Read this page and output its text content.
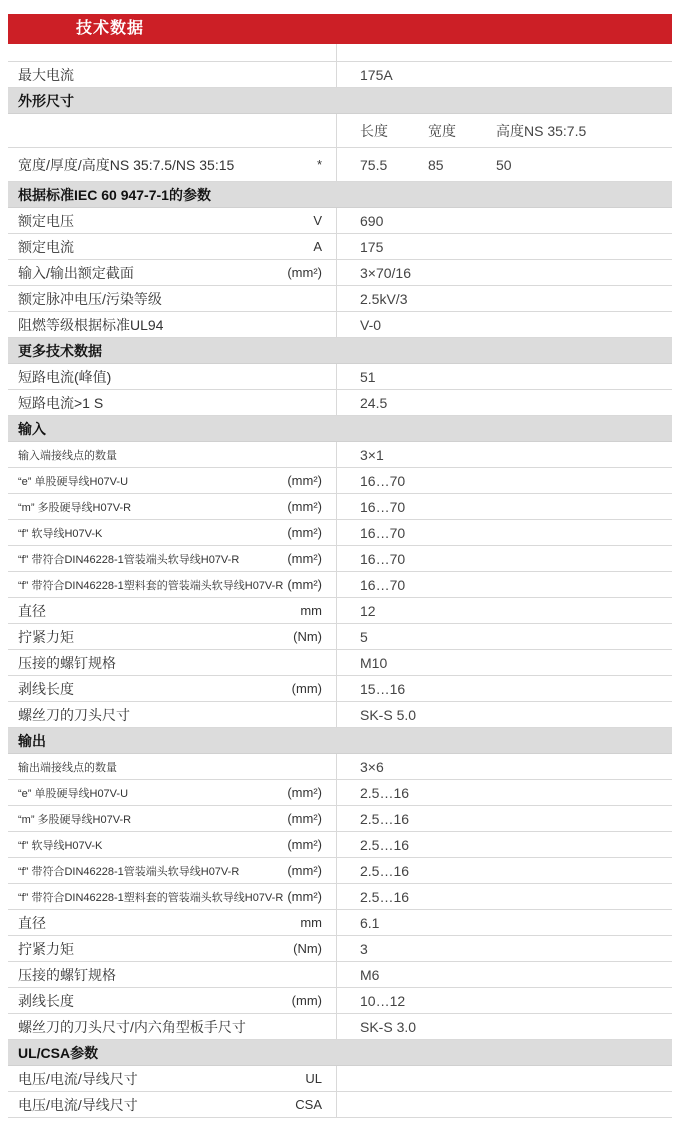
技术数据
最大电流	175A
外形尺寸
长度	宽度	高度NS 35:7.5
宽度/厚度/高度NS 35:7.5/NS 35:15	*	75.5	85	50
根据标准IEC 60 947-7-1的参数
额定电压	V	690
额定电流	A	175
输入/输出额定截面	(mm²)	3×70/16
额定脉冲电压/污染等级	2.5kV/3
阻燃等级根据标准UL94	V-0
更多技术数据
短路电流(峰值)	51
短路电流>1 S	24.5
输入
输入端接线点的数量	3×1
“e” 单股硬导线H07V-U	(mm²)	16…70
“m” 多股硬导线H07V-R	(mm²)	16…70
“f” 软导线H07V-K	(mm²)	16…70
“f” 带符合DIN46228-1管装端头软导线H07V-R	(mm²)	16…70
“f” 带符合DIN46228-1塑料套的管装端头软导线H07V-R (mm²)	16…70
直径	mm	12
拧紧力矩	(Nm)	5
压接的螺钉规格	M10
剥线长度	(mm)	15…16
螺丝刀的刀头尺寸	SK-S 5.0
输出
输出端接线点的数量	3×6
“e” 单股硬导线H07V-U	(mm²)	2.5…16
“m” 多股硬导线H07V-R	(mm²)	2.5…16
“f” 软导线H07V-K	(mm²)	2.5…16
“f” 带符合DIN46228-1管装端头软导线H07V-R	(mm²)	2.5…16
“f” 带符合DIN46228-1塑料套的管装端头软导线H07V-R (mm²)	2.5…16
直径	mm	6.1
拧紧力矩	(Nm)	3
压接的螺钉规格	M6
剥线长度	(mm)	10…12
螺丝刀的刀头尺寸/内六角型板手尺寸	SK-S 3.0
UL/CSA参数
电压/电流/导线尺寸	UL
电压/电流/导线尺寸	CSA
